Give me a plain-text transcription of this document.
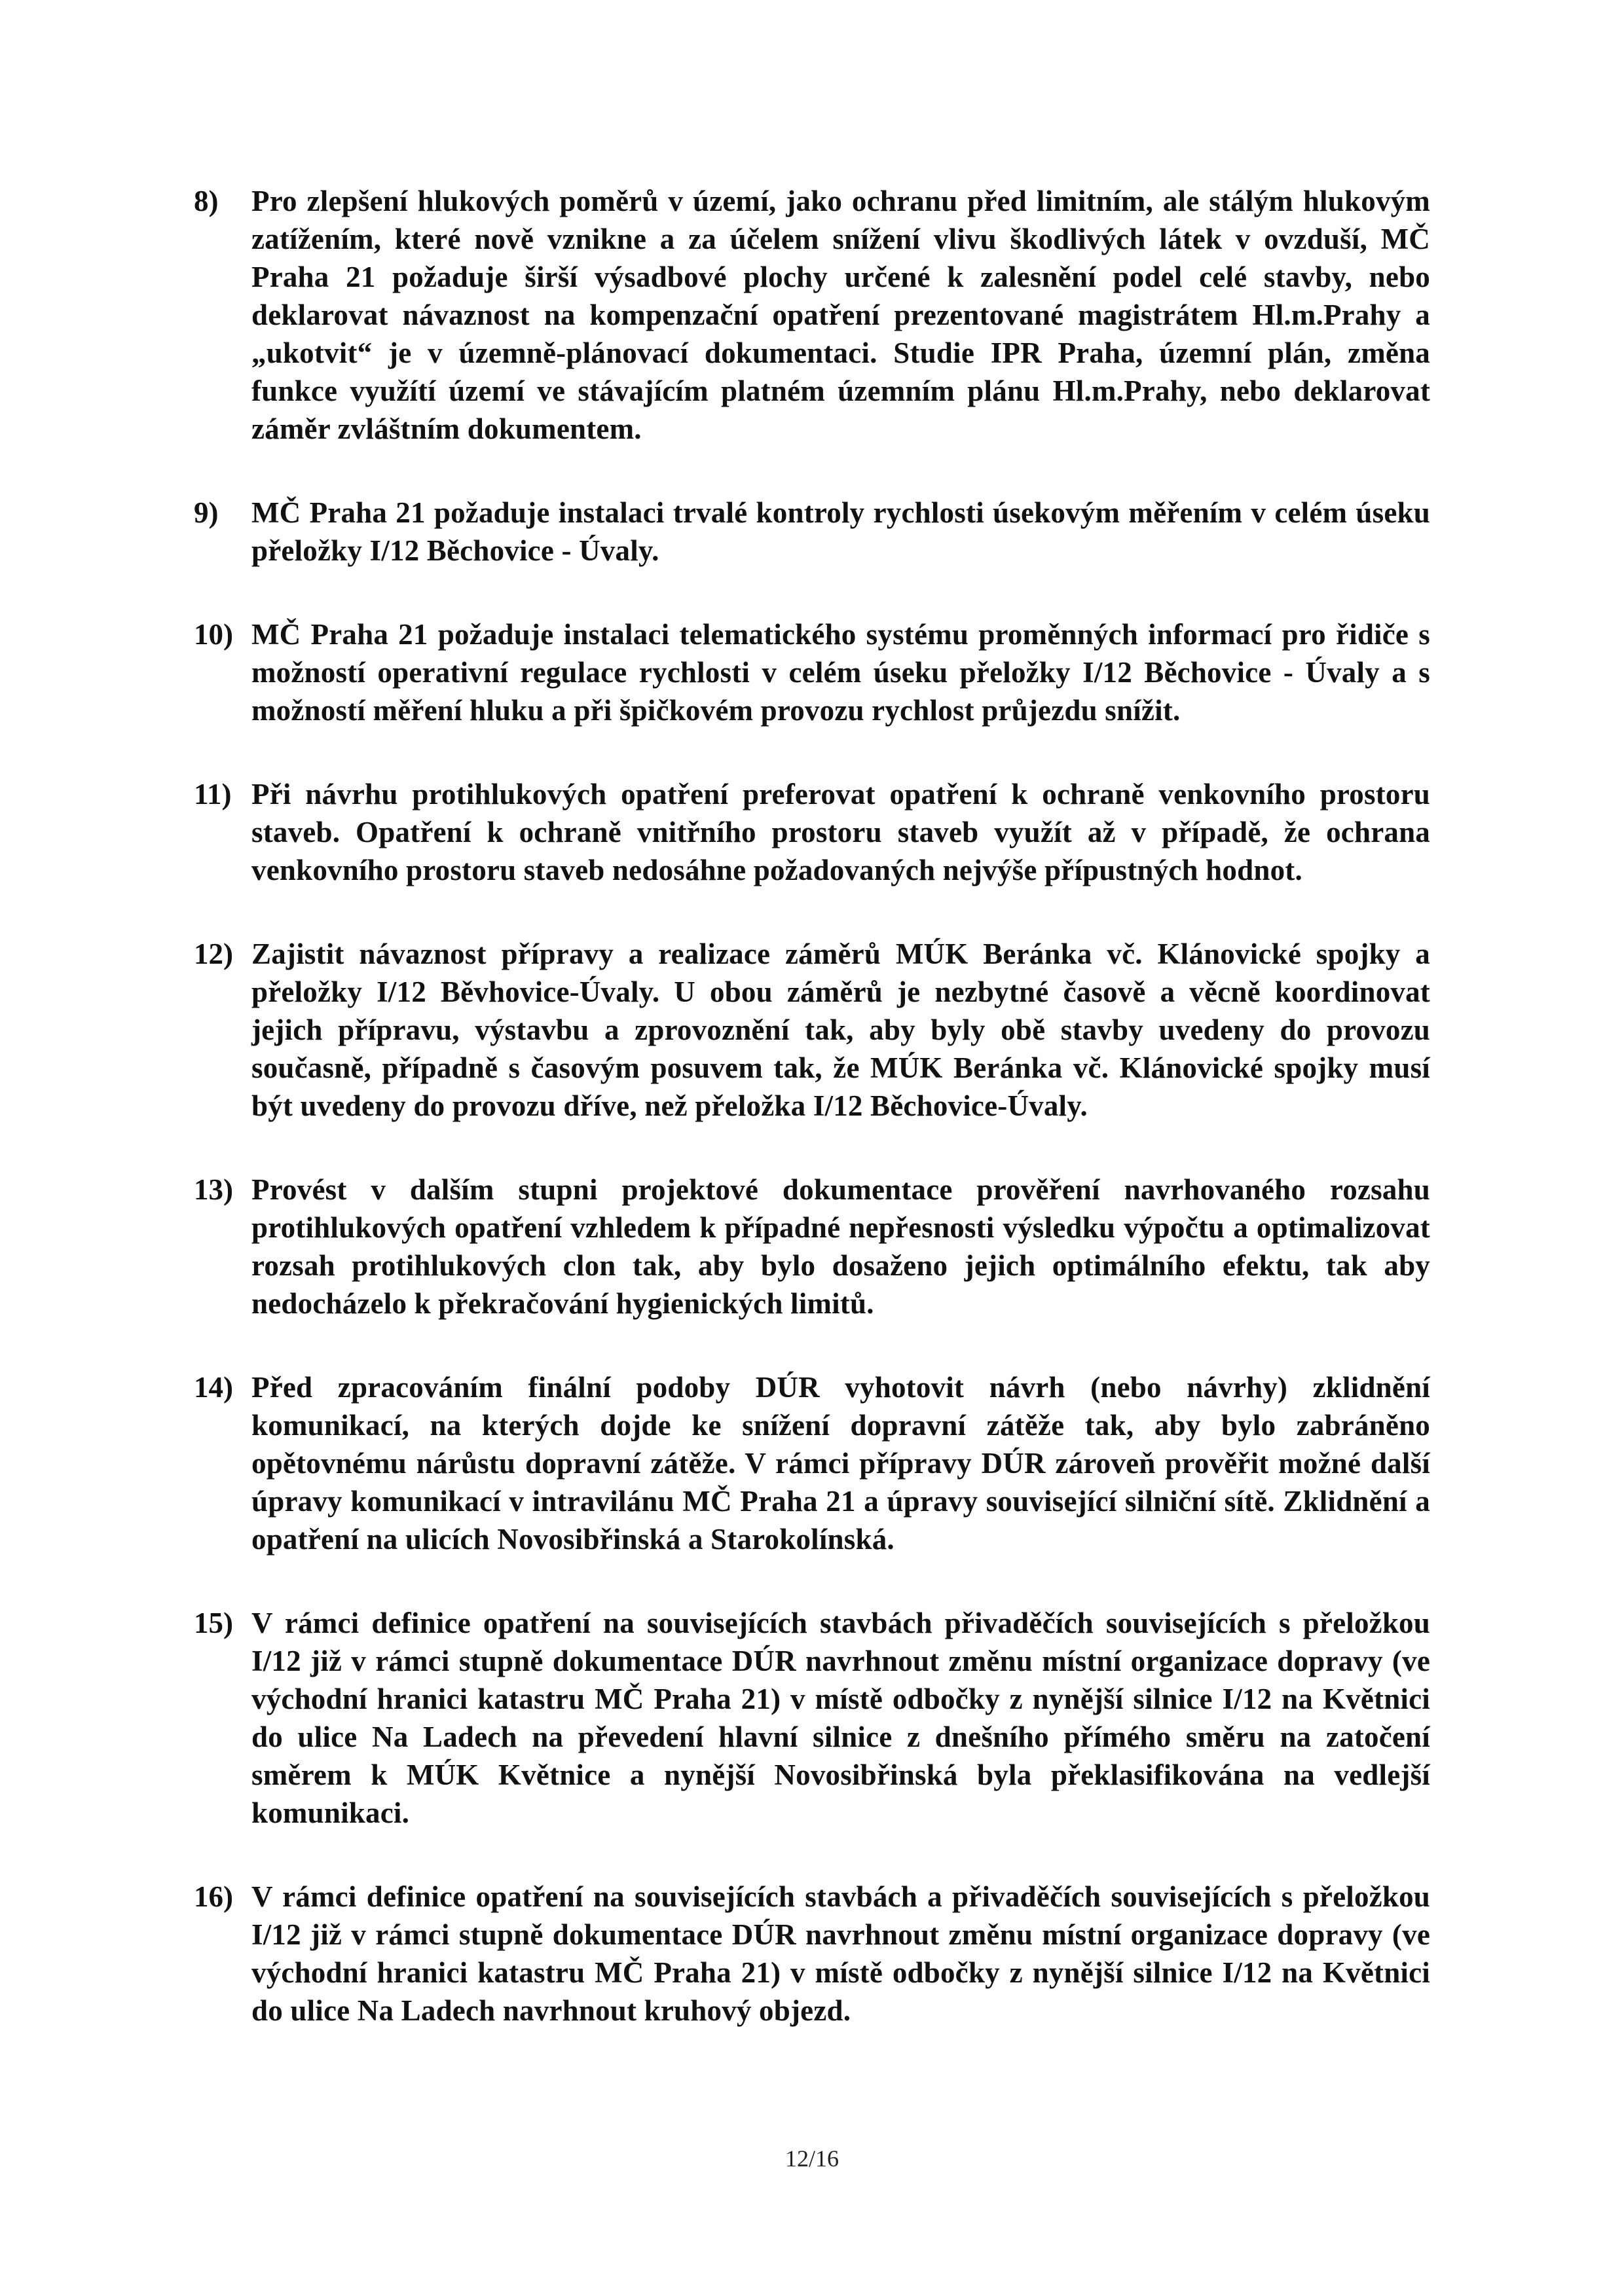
8)	Pro zlepšení hlukových poměrů v území, jako ochranu před limitním, ale stálým hlukovým zatížením, které nově vznikne a za účelem snížení vlivu škodlivých látek v ovzduší, MČ Praha 21 požaduje širší výsadbové plochy určené k zalesnění podel celé stavby, nebo deklarovat návaznost na kompenzační opatření prezentované magistrátem Hl.m.Prahy a „ukotvit“ je v územně-plánovací dokumentaci. Studie IPR Praha, územní plán, změna funkce využítí území ve stávajícím platném územním plánu Hl.m.Prahy, nebo deklarovat záměr zvláštním dokumentem.
9)	MČ Praha 21 požaduje instalaci trvalé kontroly rychlosti úsekovým měřením v celém úseku přeložky I/12 Běchovice - Úvaly.
10) MČ Praha 21 požaduje instalaci telematického systému proměnných informací pro řidiče s možností operativní regulace rychlosti v celém úseku přeložky I/12 Běchovice - Úvaly a s možností měření hluku a při špičkovém provozu rychlost průjezdu snížit.
11) Při návrhu protihlukových opatření preferovat opatření k ochraně venkovního prostoru staveb. Opatření k ochraně vnitřního prostoru staveb využít až v případě, že ochrana venkovního prostoru staveb nedosáhne požadovaných nejvýše přípustných hodnot.
12) Zajistit návaznost přípravy a realizace záměrů MÚK Beránka vč. Klánovické spojky a přeložky I/12 Běvhovice-Úvaly. U obou záměrů je nezbytné časově a věcně koordinovat jejich přípravu, výstavbu a zprovoznění tak, aby byly obě stavby uvedeny do provozu současně, případně s časovým posuvem tak, že MÚK Beránka vč. Klánovické spojky musí být uvedeny do provozu dříve, než přeložka I/12 Běchovice-Úvaly.
13) Provést v dalším stupni projektové dokumentace prověření navrhovaného rozsahu protihlukových opatření vzhledem k případné nepřesnosti výsledku výpočtu a optimalizovat rozsah protihlukových clon tak, aby bylo dosaženo jejich optimálního efektu, tak aby nedocházelo k překračování hygienických limitů.
14) Před zpracováním finální podoby DÚR vyhotovit návrh (nebo návrhy) zklidnění komunikací, na kterých dojde ke snížení dopravní zátěže tak, aby bylo zabráněno opětovnému nárůstu dopravní zátěže. V rámci přípravy DÚR zároveň prověřit možné další úpravy komunikací v intravilánu MČ Praha 21 a úpravy související silniční sítě. Zklidnění a opatření na ulicích Novosibřinská a Starokolínská.
15) V rámci definice opatření na souvisejících stavbách přivaděčích souvisejících s přeložkou I/12 již v rámci stupně dokumentace DÚR navrhnout změnu místní organizace dopravy (ve východní hranici katastru MČ Praha 21) v místě odbočky z nynější silnice I/12 na Květnici do ulice Na Ladech na převedení hlavní silnice z dnešního přímého směru na zatočení směrem k MÚK Květnice a nynější Novosibřinská byla překlasifikována na vedlejší komunikaci.
16) V rámci definice opatření na souvisejících stavbách a přivaděčích souvisejících s přeložkou I/12 již v rámci stupně dokumentace DÚR navrhnout změnu místní organizace dopravy (ve východní hranici katastru MČ Praha 21) v místě odbočky z nynější silnice I/12 na Květnici do ulice Na Ladech navrhnout kruhový objezd.
12/16
